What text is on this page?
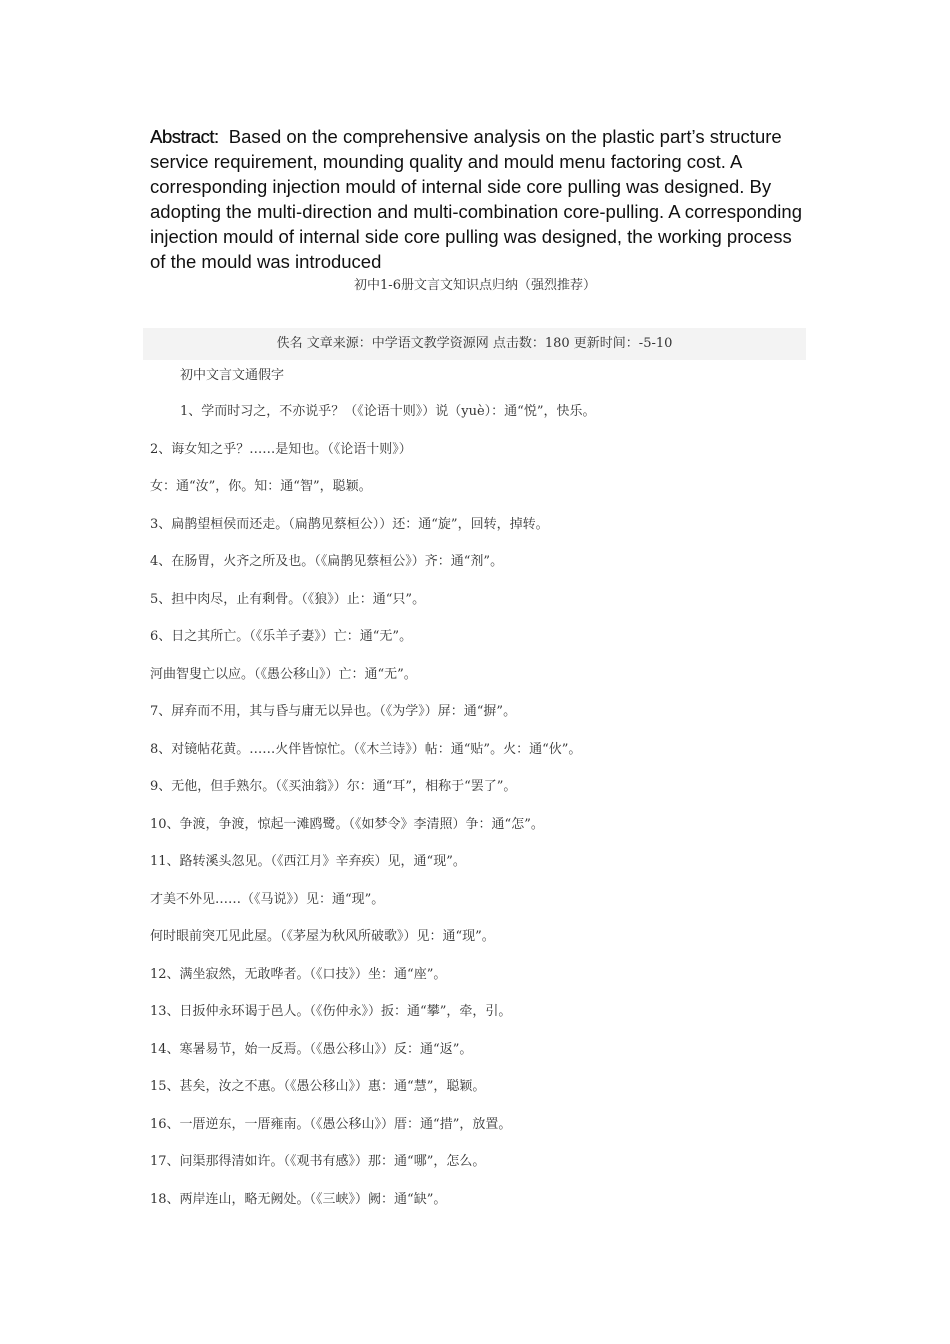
Abstract: Based on the comprehensive analysis on the plastic part’s structure service requirement, mounding quality and mould menu factoring cost. A corresponding injection mould of internal side core pulling was designed. By adopting the multi-direction and multi-combination core-pulling. A corresponding injection mould of internal side core pulling was designed, the working process of the mould was introduced
初中1-6册文言文知识点归纳（强烈推荐）
佚名 文章来源：中学语文教学资源网 点击数：180 更新时间：-5-10
初中文言文通假字
1、学而时习之，不亦说乎？（《论语十则》）说（yuè）：通“悦”，快乐。
2、诲女知之乎？……是知也。（《论语十则》）
女：通“汝”，你。知：通“智”，聪颖。
3、扁鹊望桓侯而还走。（扁鹊见蔡桓公））还：通“旋”，回转，掉转。
4、在肠胃，火齐之所及也。（《扁鹊见蔡桓公》）齐：通“剂”。
5、担中肉尽，止有剩骨。（《狼》）止：通“只”。
6、日之其所亡。（《乐羊子妻》）亡：通“无”。
河曲智叟亡以应。（《愚公移山》）亡：通“无”。
7、屏弃而不用，其与昏与庸无以异也。（《为学》）屏：通“摒”。
8、对镜帖花黄。……火伴皆惊忙。（《木兰诗》）帖：通“贴”。火：通“伙”。
9、无他，但手熟尔。（《买油翁》）尔：通“耳”，相称于“罢了”。
10、争渡，争渡，惊起一滩鸥鹭。（《如梦令》李清照）争：通“怎”。
11、路转溪头忽见。（《西江月》辛弃疾）见，通“现”。
才美不外见……（《马说》）见：通“现”。
何时眼前突兀见此屋。（《茅屋为秋风所破歌》）见：通“现”。
12、满坐寂然，无敢哗者。（《口技》）坐：通“座”。
13、日扳仲永环谒于邑人。（《伤仲永》）扳：通“攀”，牵，引。
14、寒暑易节，始一反焉。（《愚公移山》）反：通“返”。
15、甚矣，汝之不惠。（《愚公移山》）惠：通“慧”，聪颖。
16、一厝逆东，一厝雍南。（《愚公移山》）厝：通“措”，放置。
17、问渠那得清如许。（《观书有感》）那：通“哪”，怎么。
18、两岸连山，略无阙处。（《三峡》）阙：通“缺”。
